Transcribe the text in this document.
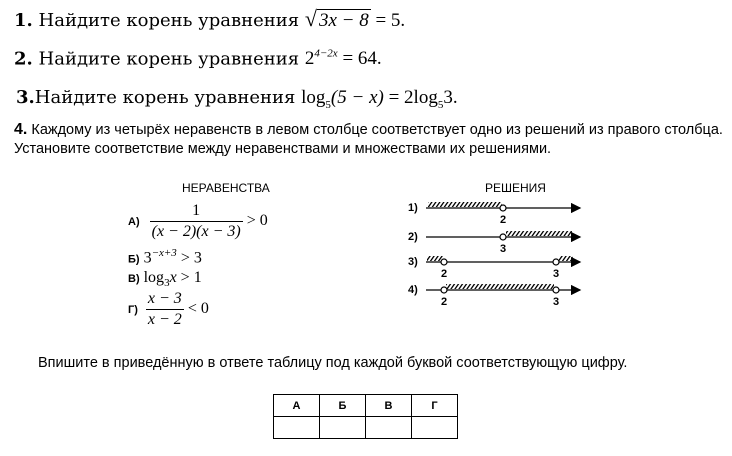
1. Найдите корень уравнения √ 3x − 8 = 5.
2. Найдите корень уравнения $2^{4-2x} = 64$.
3.Найдите корень уравнения $\log_5(5 - x) = 2\log_53$.
4. Каждому из четырёх неравенств в левом столбце соответствует одно из решений из правого столбца. Установите соответствие между неравенствами и множествами их решениями.
НЕРАВЕНСТВА
$А) \frac{1}{(x - 2)(x - 3)} > 0$
Б) $3^{-x+3} > 3$
В) $\log_3x > 1$
$Г) \frac{x - 3}{x - 2} < 0$
РЕШЕНИЯ
1)
2
2)
3
3)
2	3
4)
2	3
Впишите в приведённую в ответе таблицу под каждой буквой соответствующую цифру.
А	Б	В	Г
